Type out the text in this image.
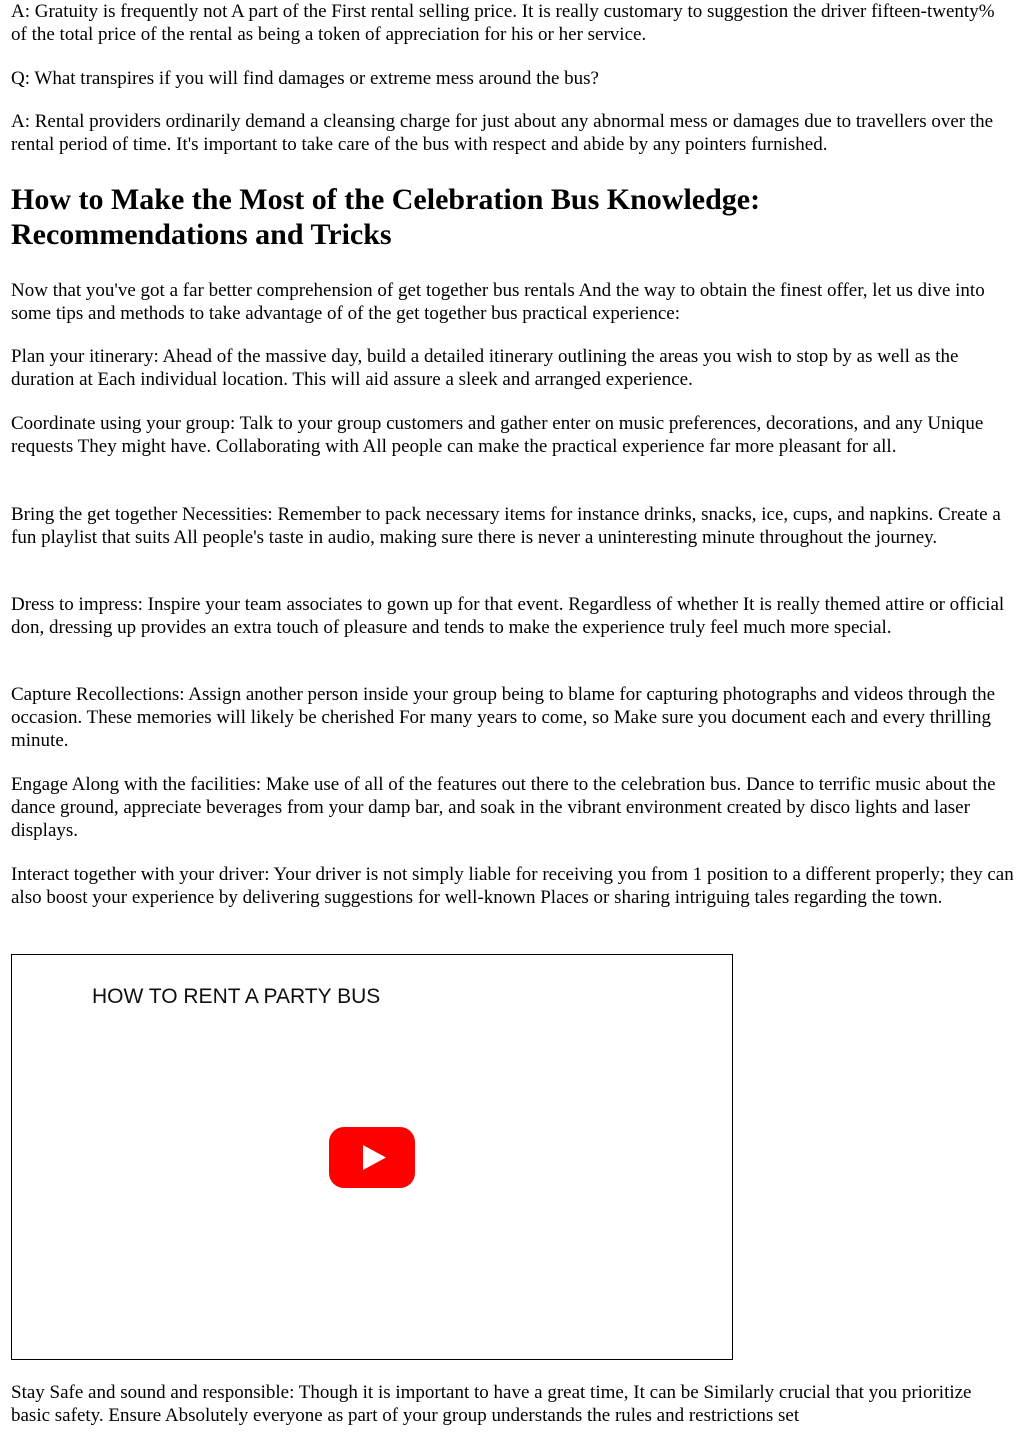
A: Gratuity is frequently not A part of the First rental selling price. It is really customary to suggestion the driver fifteen-twenty% of the total price of the rental as being a token of appreciation for his or her service.

Q: What transpires if you will find damages or extreme mess around the bus?

A: Rental providers ordinarily demand a cleansing charge for just about any abnormal mess or damages due to travellers over the rental period of time. It's important to take care of the bus with respect and abide by any pointers furnished.

How to Make the Most of the Celebration Bus Knowledge: Recommendations and Tricks

Now that you've got a far better comprehension of get together bus rentals And the way to obtain the finest offer, let us dive into some tips and methods to take advantage of of the get together bus practical experience:

Plan your itinerary: Ahead of the massive day, build a detailed itinerary outlining the areas you wish to stop by as well as the duration at Each individual location. This will aid assure a sleek and arranged experience.

Coordinate using your group: Talk to your group customers and gather enter on music preferences, decorations, and any Unique requests They might have. Collaborating with All people can make the practical experience far more pleasant for all.

Bring the get together Necessities: Remember to pack necessary items for instance drinks, snacks, ice, cups, and napkins. Create a fun playlist that suits All people's taste in audio, making sure there is never a uninteresting minute throughout the journey.

Dress to impress: Inspire your team associates to gown up for that event. Regardless of whether It is really themed attire or official don, dressing up provides an extra touch of pleasure and tends to make the experience truly feel much more special.

Capture Recollections: Assign another person inside your group being to blame for capturing photographs and videos through the occasion. These memories will likely be cherished For many years to come, so Make sure you document each and every thrilling minute.

Engage Along with the facilities: Make use of all of the features out there to the celebration bus. Dance to terrific music about the dance ground, appreciate beverages from your damp bar, and soak in the vibrant environment created by disco lights and laser displays.

Interact together with your driver: Your driver is not simply liable for receiving you from 1 position to a different properly; they can also boost your experience by delivering suggestions for well-known Places or sharing intriguing tales regarding the town.

HOW TO RENT A PARTY BUS

Stay Safe and sound and responsible: Though it is important to have a great time, It can be Similarly crucial that you prioritize basic safety. Ensure Absolutely everyone as part of your group understands the rules and restrictions set
